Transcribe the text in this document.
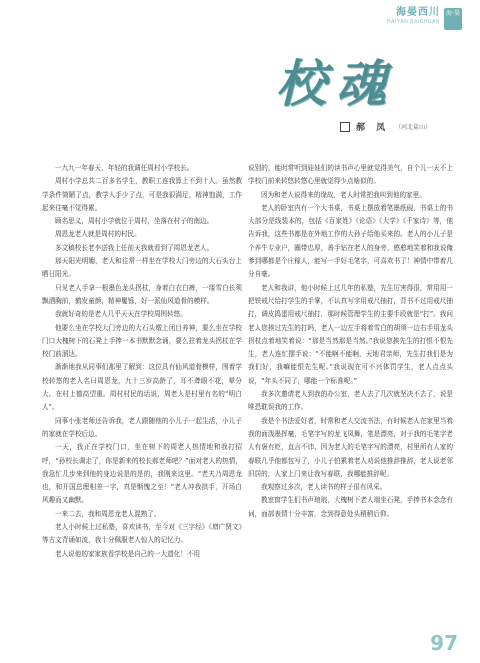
海晏西川
HAIYAN BAICHUAN
海·晏
校魂
郝 凤 （河北盐山）

一九九一年春天，年轻的我调任周村小学校长。

周村小学总共二百多名学生，教职工连我算上不到十人。虽然教学条件简陋了点，教学人手少了点，可是我很满足，精神饱满，工作起来往毫不觉得累。

顾名思义，周村小学就位于周村，坐落在村子的南边。

周恩龙老人就是周村的村民。

多文稿校长老李送我上任前天我就看到了周恩龙老人。

那天阳光明媚，老人和往常一样坐在学校大门旁边的大石头台上晒日阳光。

只见老人手拿一根墨色龙头拐杖，身着白衣白裤，一缕雪白长须飘洒胸前，鹤发童颜，精神矍铄，好一派仙风道骨的模样。

我就好奇的是老人几乎天天在学校周围转悠。

他要么坐在学校大门旁边的大石头墩上闭目养神，要么坐在学校门口大槐树下的石凳上手捧一本书默默念诵，要么拄着龙头拐杖在学校门前溜达。

渐渐地我从同事们那里了解到：这位具有仙风道骨模样，围着学校转悠的老人名曰周恩龙，九十三岁高龄了，耳不聋眼不花，晕分大。在村上德高望重。周村村民的话说，周老人是村里有名的“明白人”。

同事小张老师还告诉我，老人跟随他的小儿子一起生活，小儿子的家就在学校后边。

一天，我正在学校门口，坐在树下的周老人热情地和我打招呼，“孙校长调走了，你是新来的校长郝老师吧？”面对老人的热情，我急忙几步来到他的身边说是的是的，我刚来这里。“老夫乃周恩龙也，和开国总理相差一字，真是惭愧之至！”老人冲我拱手，开场白风趣而又幽默。

一来二去，我和周恩龙老人混熟了。

老人小时候上过私塾，喜欢读书，至今对《三字经》《增广贤文》等古文背诵如流，我十分佩服老人惊人的记忆力。

老人说他的家家族看学校是自己的一大遗化！不用

说别的，能时常听到娃娃们的读书声心里就觉得美气，自个儿一天不上学校门前来转悠转悠心里就觉得少点啥似的。

因为和老人说得来的缘故，老人时常把我叫到他的家里。

老人的卧室内有一个大书桌，书桌上摆放着笔墨纸砚，书桌上的书大部分是线装本的，包括《百家姓》《论语》《大学》《千家诗》等，他告诉我，这些书都是在外地工作的大孙子给他买来的。老人的小儿子是个养牛专业户，圈带忠厚，善手钻在老人的身旁，憨憨地笑着和我说俺爹到哪都是个庄稼人，能写一手好毛笔字，可喜欢书了！神情中带着几分自豪。

老人和我讲，他小时候上过几年的私塾，先生厉害得很，常用用一把铁戒尺给打学生的手掌，不认真写字用戒尺抽打，背书不过用戒尺抽打，调皮捣蛋用戒尺抽打，那时候管理学生的主要手段就是“打”。我问老人您挨过先生的打吗，老人一边左手将着雪白的胡须一边右手用龙头拐杖点着地笑着说：“那是当然那是当然。”我说您挨先生的打恨不恨先生，老人连忙摆手说：“不能啊不能啊，天地君亲师，先生打我们是为我们好，我嘛能恨先生呢。”我说现在可不兴体罚学生，老人点点头说，“年头不同了，哪能一个标准呢。”

我多次邀请老人到我的办公室，老人去了几次就坚决不去了，说是唯恐耽误我的工作。

我是个书法爱好者，时常和老人交流书法，有时候老人在家里当着我的面泼墨挥毫，毛笔字写的龙飞凤舞，笔是漂亮，对于我的毛笔字老人有褒有贬，直言不讳，因为老人的毛笔字写的漂亮，村里所有人家的春联几乎他都包写了，小儿子怕累着老人劝说他推辞推辞，老人说老邻旧居的，人家上门来让我写春联，我哪能推辞呢。

我观察过多次，老人读书的样子很有风采。

教室窗学生们书声琅琅，大槐树下老人端坐石凳，手捧书本念念有词，面部表情十分丰富，念到得意处头稍稍后仰。

97
